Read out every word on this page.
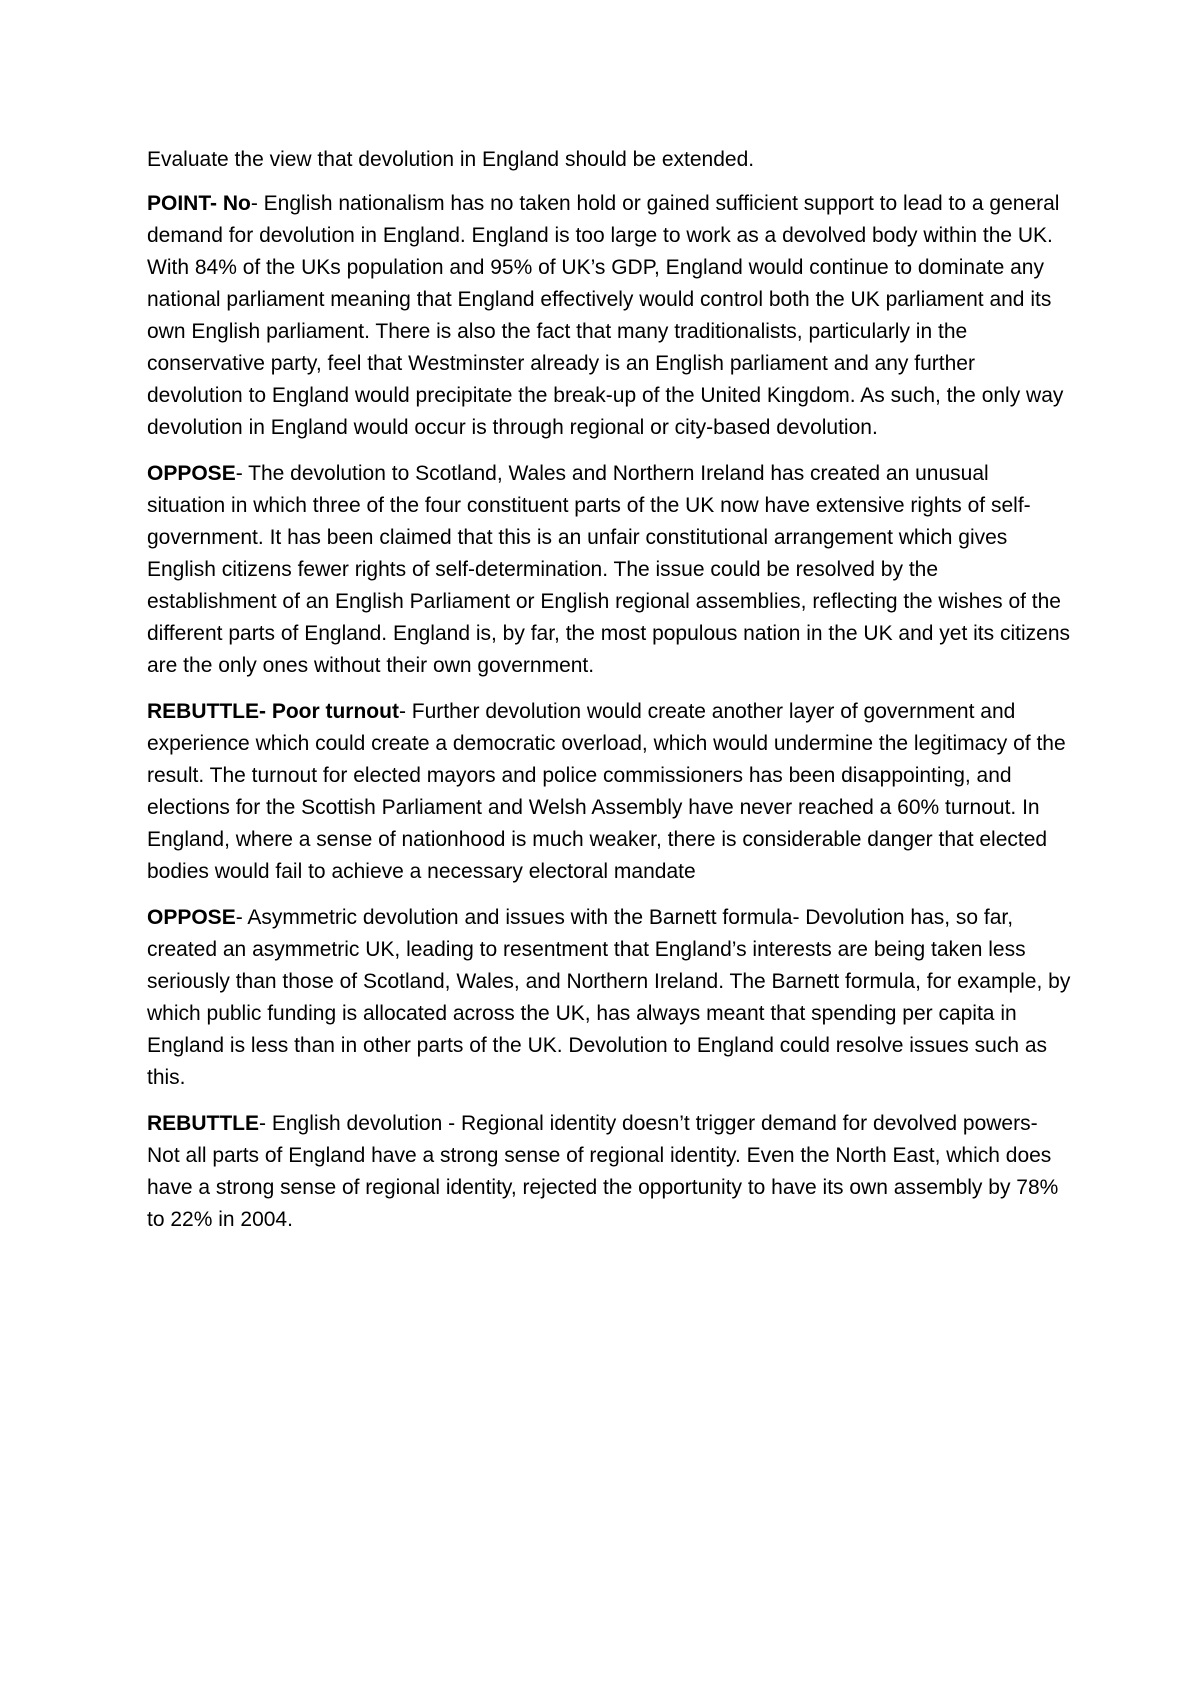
Evaluate the view that devolution in England should be extended.

POINT- No- English nationalism has no taken hold or gained sufficient support to lead to a general demand for devolution in England. England is too large to work as a devolved body within the UK. With 84% of the UKs population and 95% of UK’s GDP, England would continue to dominate any national parliament meaning that England effectively would control both the UK parliament and its own English parliament. There is also the fact that many traditionalists, particularly in the conservative party, feel that Westminster already is an English parliament and any further devolution to England would precipitate the break-up of the United Kingdom. As such, the only way devolution in England would occur is through regional or city-based devolution.

OPPOSE- The devolution to Scotland, Wales and Northern Ireland has created an unusual situation in which three of the four constituent parts of the UK now have extensive rights of self-government. It has been claimed that this is an unfair constitutional arrangement which gives English citizens fewer rights of self-determination. The issue could be resolved by the establishment of an English Parliament or English regional assemblies, reflecting the wishes of the different parts of England. England is, by far, the most populous nation in the UK and yet its citizens are the only ones without their own government.

REBUTTLE- Poor turnout- Further devolution would create another layer of government and experience which could create a democratic overload, which would undermine the legitimacy of the result. The turnout for elected mayors and police commissioners has been disappointing, and elections for the Scottish Parliament and Welsh Assembly have never reached a 60% turnout. In England, where a sense of nationhood is much weaker, there is considerable danger that elected bodies would fail to achieve a necessary electoral mandate

OPPOSE- Asymmetric devolution and issues with the Barnett formula- Devolution has, so far, created an asymmetric UK, leading to resentment that England’s interests are being taken less seriously than those of Scotland, Wales, and Northern Ireland. The Barnett formula, for example, by which public funding is allocated across the UK, has always meant that spending per capita in England is less than in other parts of the UK. Devolution to England could resolve issues such as this.

REBUTTLE- English devolution - Regional identity doesn’t trigger demand for devolved powers- Not all parts of England have a strong sense of regional identity. Even the North East, which does have a strong sense of regional identity, rejected the opportunity to have its own assembly by 78% to 22% in 2004.
